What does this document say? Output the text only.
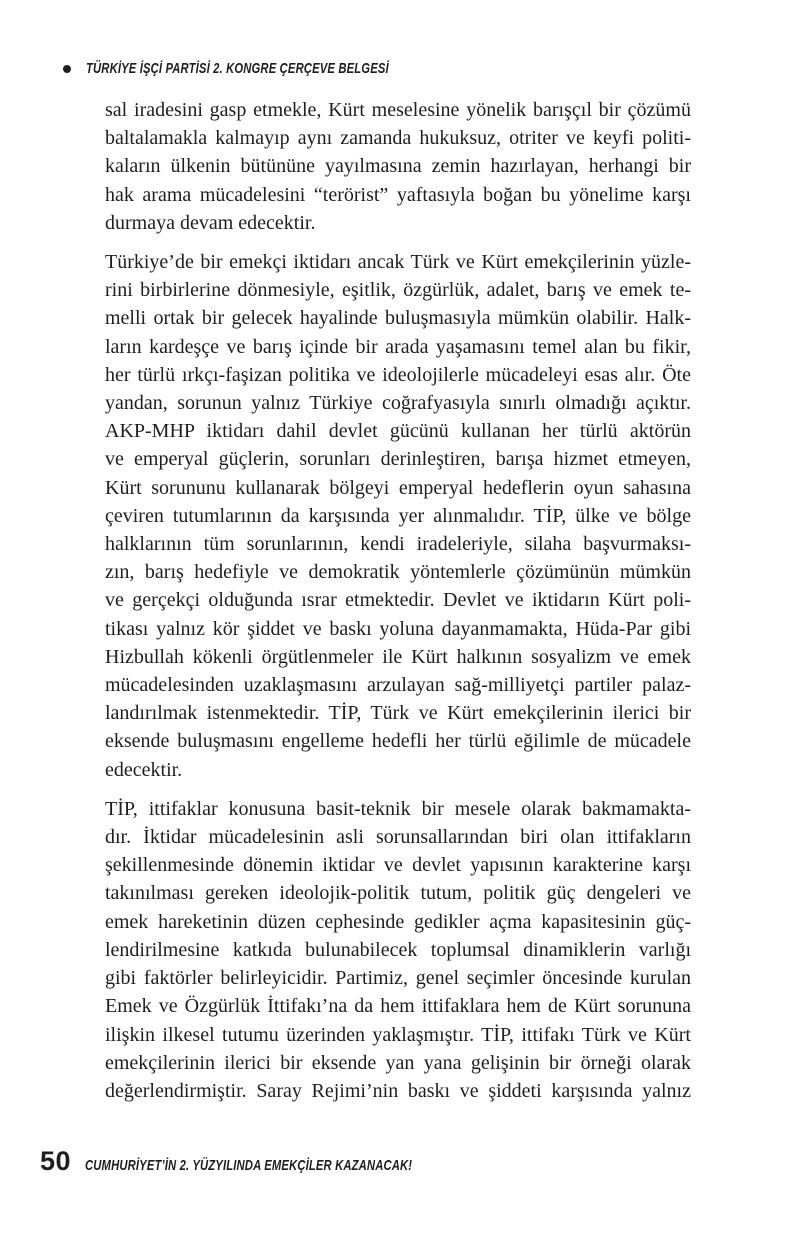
TÜRKİYE İŞÇİ PARTİSİ 2. KONGRE ÇERÇEVE BELGESİ
sal iradesini gasp etmekle, Kürt meselesine yönelik barışçıl bir çözümü
baltalamakla kalmayıp aynı zamanda hukuksuz, otriter ve keyfi politi-
kaların ülkenin bütününe yayılmasına zemin hazırlayan, herhangi bir
hak arama mücadelesini “terörist” yaftasıyla boğan bu yönelime karşı
durmaya devam edecektir.
Türkiye’de bir emekçi iktidarı ancak Türk ve Kürt emekçilerinin yüzle-
rini birbirlerine dönmesiyle, eşitlik, özgürlük, adalet, barış ve emek te-
melli ortak bir gelecek hayalinde buluşmasıyla mümkün olabilir. Halk-
ların kardeşçe ve barış içinde bir arada yaşamasını temel alan bu fikir,
her türlü ırkçı-faşizan politika ve ideolojilerle mücadeleyi esas alır. Öte
yandan, sorunun yalnız Türkiye coğrafyasıyla sınırlı olmadığı açıktır.
AKP-MHP iktidarı dahil devlet gücünü kullanan her türlü aktörün
ve emperyal güçlerin, sorunları derinleştiren, barışa hizmet etmeyen,
Kürt sorununu kullanarak bölgeyi emperyal hedeflerin oyun sahasına
çeviren tutumlarının da karşısında yer alınmalıdır. TİP, ülke ve bölge
halklarının tüm sorunlarının, kendi iradeleriyle, silaha başvurmaksı-
zın, barış hedefiyle ve demokratik yöntemlerle çözümünün mümkün
ve gerçekçi olduğunda ısrar etmektedir. Devlet ve iktidarın Kürt poli-
tikası yalnız kör şiddet ve baskı yoluna dayanmamakta, Hüda-Par gibi
Hizbullah kökenli örgütlenmeler ile Kürt halkının sosyalizm ve emek
mücadelesinden uzaklaşmasını arzulayan sağ-milliyetçi partiler palaz-
landırılmak istenmektedir. TİP, Türk ve Kürt emekçilerinin ilerici bir
eksende buluşmasını engelleme hedefli her türlü eğilimle de mücadele
edecektir.
TİP, ittifaklar konusuna basit-teknik bir mesele olarak bakmamakta-
dır. İktidar mücadelesinin asli sorunsallarından biri olan ittifakların
şekillenmesinde dönemin iktidar ve devlet yapısının karakterine karşı
takınılması gereken ideolojik-politik tutum, politik güç dengeleri ve
emek hareketinin düzen cephesinde gedikler açma kapasitesinin güç-
lendirilmesine katkıda bulunabilecek toplumsal dinamiklerin varlığı
gibi faktörler belirleyicidir. Partimiz, genel seçimler öncesinde kurulan
Emek ve Özgürlük İttifakı’na da hem ittifaklara hem de Kürt sorununa
ilişkin ilkesel tutumu üzerinden yaklaşmıştır. TİP, ittifakı Türk ve Kürt
emekçilerinin ilerici bir eksende yan yana gelişinin bir örneği olarak
değerlendirmiştir. Saray Rejimi’nin baskı ve şiddeti karşısında yalnız
50 CUMHURİYET’İN 2. YÜZYILINDA EMEKÇİLER KAZANACAK!
